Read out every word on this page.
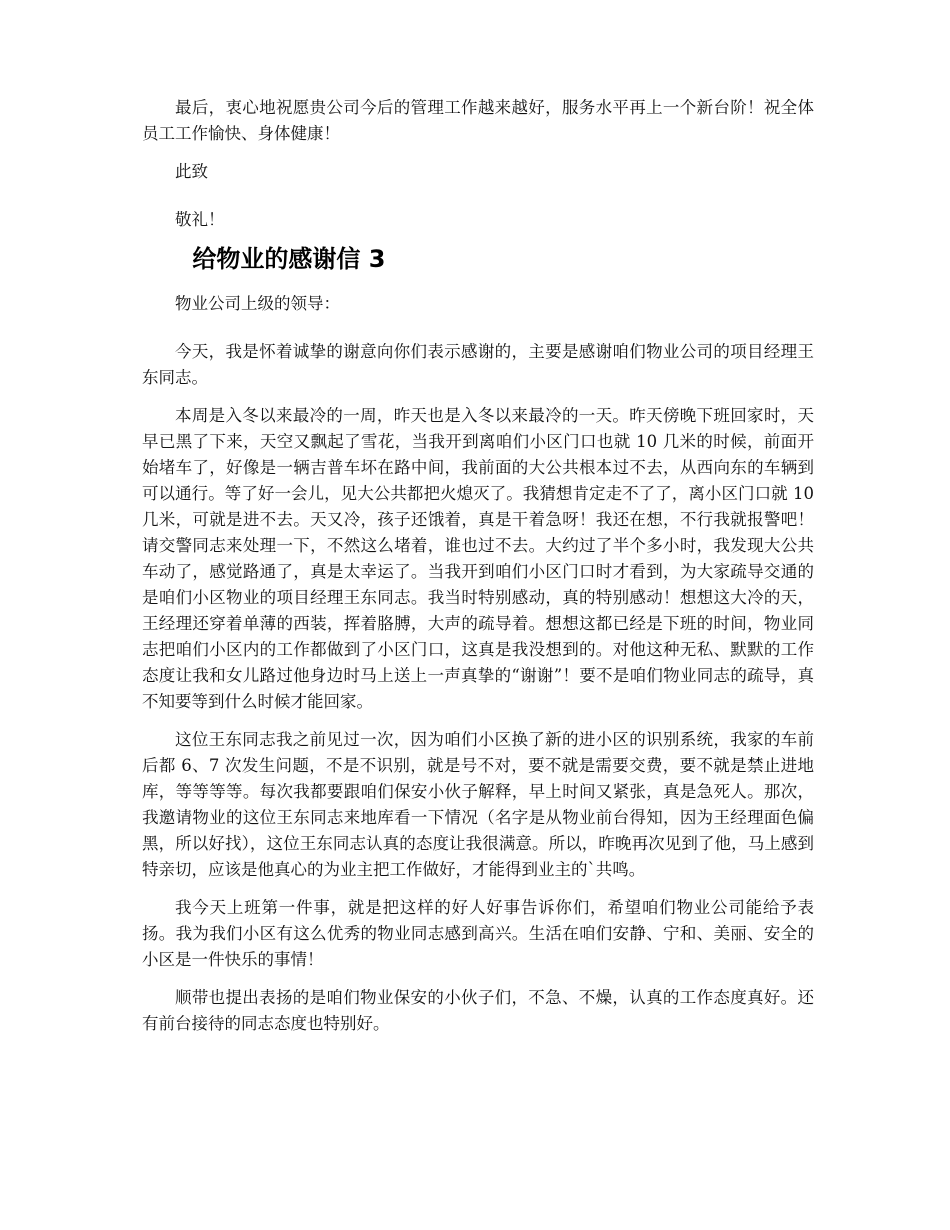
最后，衷心地祝愿贵公司今后的管理工作越来越好，服务水平再上一个新台阶！祝全体员工工作愉快、身体健康！

此致

敬礼！

给物业的感谢信 3

物业公司上级的领导：

今天，我是怀着诚挚的谢意向你们表示感谢的，主要是感谢咱们物业公司的项目经理王东同志。

本周是入冬以来最冷的一周，昨天也是入冬以来最冷的一天。昨天傍晚下班回家时，天早已黑了下来，天空又飘起了雪花，当我开到离咱们小区门口也就 10 几米的时候，前面开始堵车了，好像是一辆吉普车坏在路中间，我前面的大公共根本过不去，从西向东的车辆到可以通行。等了好一会儿，见大公共都把火熄灭了。我猜想肯定走不了了，离小区门口就 10 几米，可就是进不去。天又冷，孩子还饿着，真是干着急呀！我还在想，不行我就报警吧！请交警同志来处理一下，不然这么堵着，谁也过不去。大约过了半个多小时，我发现大公共车动了，感觉路通了，真是太幸运了。当我开到咱们小区门口时才看到，为大家疏导交通的是咱们小区物业的项目经理王东同志。我当时特别感动，真的特别感动！想想这大冷的天，王经理还穿着单薄的西装，挥着胳膊，大声的疏导着。想想这都已经是下班的时间，物业同志把咱们小区内的工作都做到了小区门口，这真是我没想到的。对他这种无私、默默的工作态度让我和女儿路过他身边时马上送上一声真挚的“谢谢”！要不是咱们物业同志的疏导，真不知要等到什么时候才能回家。

这位王东同志我之前见过一次，因为咱们小区换了新的进小区的识别系统，我家的车前后都 6、7 次发生问题，不是不识别，就是号不对，要不就是需要交费，要不就是禁止进地库，等等等等。每次我都要跟咱们保安小伙子解释，早上时间又紧张，真是急死人。那次，我邀请物业的这位王东同志来地库看一下情况（名字是从物业前台得知，因为王经理面色偏黑，所以好找），这位王东同志认真的态度让我很满意。所以，昨晚再次见到了他，马上感到特亲切，应该是他真心的为业主把工作做好，才能得到业主的`共鸣。

我今天上班第一件事，就是把这样的好人好事告诉你们，希望咱们物业公司能给予表扬。我为我们小区有这么优秀的物业同志感到高兴。生活在咱们安静、宁和、美丽、安全的小区是一件快乐的事情！

顺带也提出表扬的是咱们物业保安的小伙子们，不急、不燥，认真的工作态度真好。还有前台接待的同志态度也特别好。
